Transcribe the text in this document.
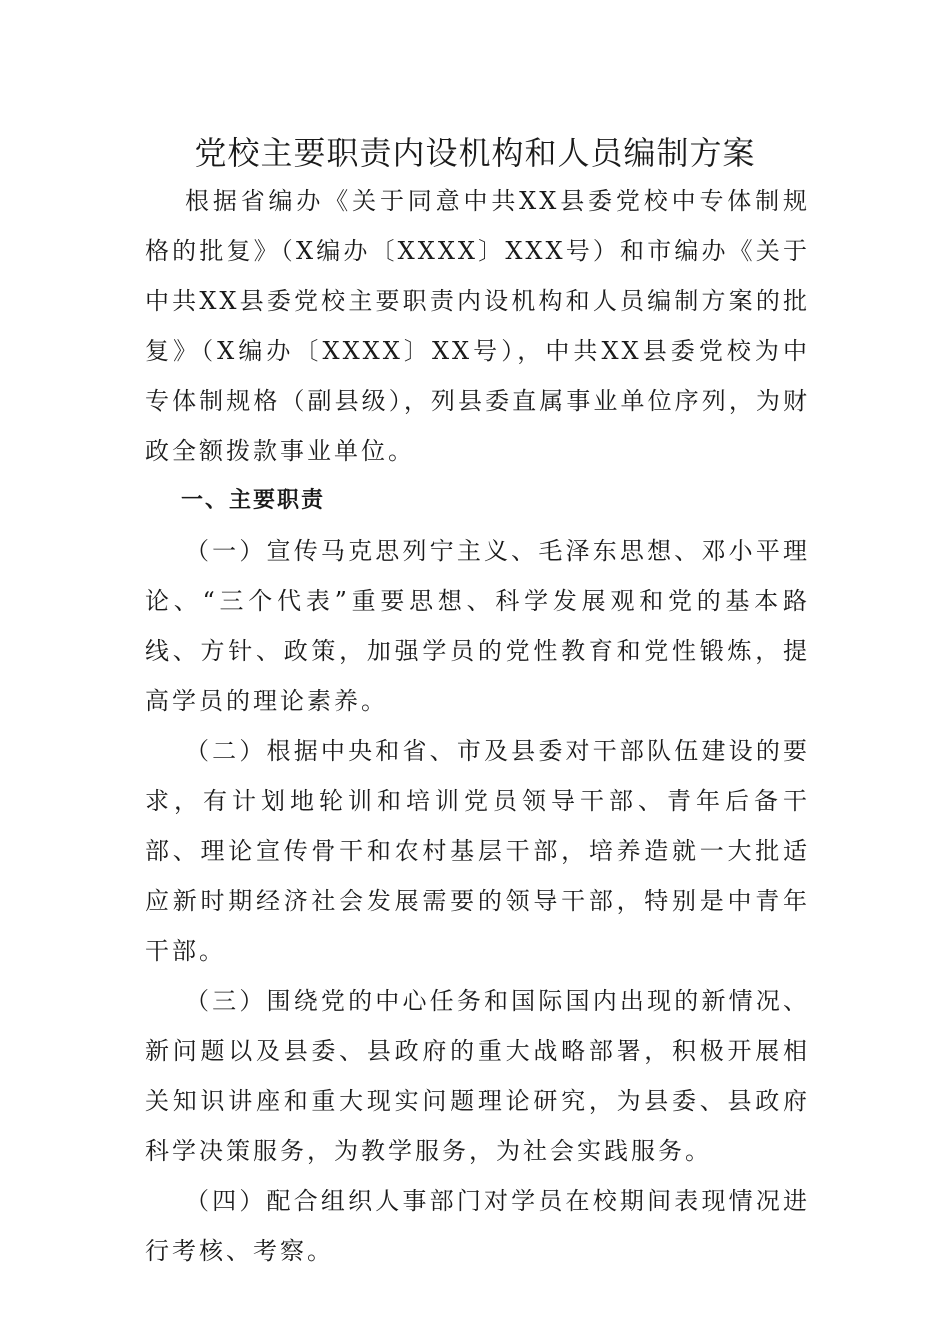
党校主要职责内设机构和人员编制方案

根据省编办《关于同意中共XX县委党校中专体制规格的批复》（X编办〔XXXX〕XXX号）和市编办《关于中共XX县委党校主要职责内设机构和人员编制方案的批复》（X编办〔XXXX〕XX号），中共XX县委党校为中专体制规格（副县级），列县委直属事业单位序列，为财政全额拨款事业单位。

一、主要职责

（一）宣传马克思列宁主义、毛泽东思想、邓小平理论、“三个代表”重要思想、科学发展观和党的基本路线、方针、政策，加强学员的党性教育和党性锻炼，提高学员的理论素养。

（二）根据中央和省、市及县委对干部队伍建设的要求，有计划地轮训和培训党员领导干部、青年后备干部、理论宣传骨干和农村基层干部，培养造就一大批适应新时期经济社会发展需要的领导干部，特别是中青年干部。

（三）围绕党的中心任务和国际国内出现的新情况、新问题以及县委、县政府的重大战略部署，积极开展相关知识讲座和重大现实问题理论研究，为县委、县政府科学决策服务，为教学服务，为社会实践服务。

（四）配合组织人事部门对学员在校期间表现情况进行考核、考察。
